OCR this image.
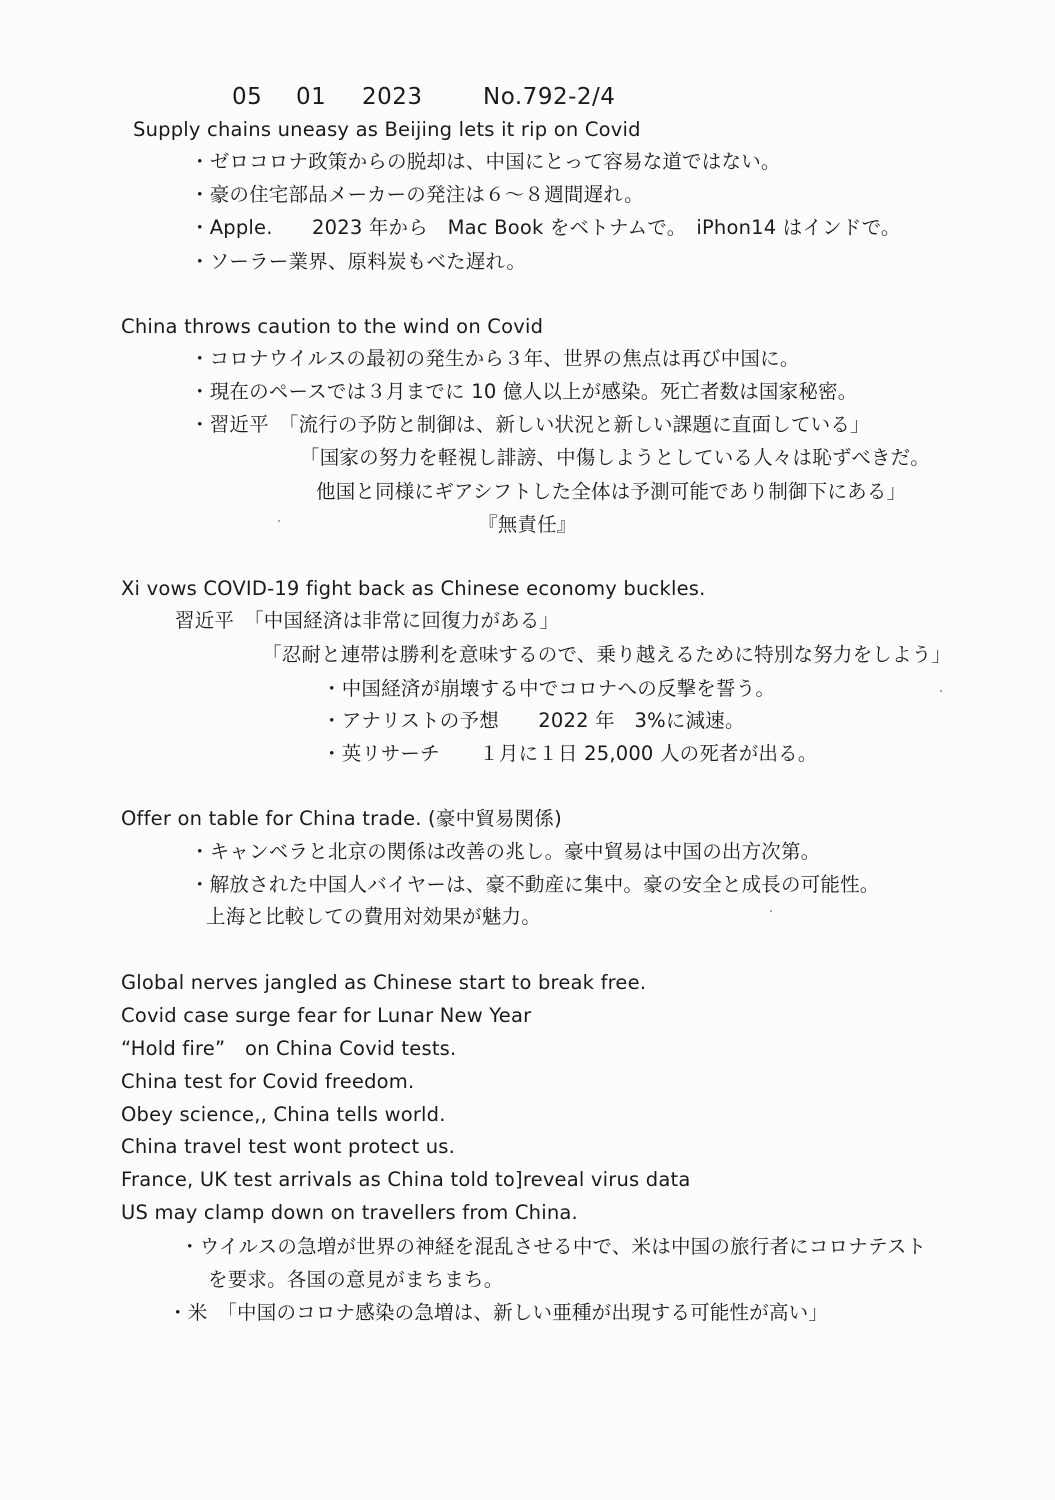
05 01 2023	No.792-2/4
Supply chains uneasy as Beijing lets it rip on Covid
・ゼロコロナ政策からの脱却は、中国にとって容易な道ではない。
・豪の住宅部品メーカーの発注は６～８週間遅れ。
・Apple.　　2023 年から　Mac Book をベトナムで。　iPhon14 はインドで。
・ソーラー業界、原料炭もべた遅れ。
China throws caution to the wind on Covid
・コロナウイルスの最初の発生から３年、世界の焦点は再び中国に。
・現在のペースでは３月までに 10 億人以上が感染。死亡者数は国家秘密。
・習近平　「流行の予防と制御は、新しい状況と新しい課題に直面している」
「国家の努力を軽視し誹謗、中傷しようとしている人々は恥ずべきだ。
他国と同様にギアシフトした全体は予測可能であり制御下にある」
『無責任』
Xi vows COVID-19 fight back as Chinese economy buckles.
習近平　「中国経済は非常に回復力がある」
「忍耐と連帯は勝利を意味するので、乗り越えるために特別な努力をしよう」
・中国経済が崩壊する中でコロナへの反撃を誓う。
・アナリストの予想　　2022 年　3%に減速。
・英リサーチ　　１月に１日 25,000 人の死者が出る。
Offer on table for China trade. (豪中貿易関係)
・キャンベラと北京の関係は改善の兆し。豪中貿易は中国の出方次第。
・解放された中国人バイヤーは、豪不動産に集中。豪の安全と成長の可能性。
上海と比較しての費用対効果が魅力。
Global nerves jangled as Chinese start to break free.
Covid case surge fear for Lunar New Year
“Hold fire”　on China Covid tests.
China test for Covid freedom.
Obey science,, China tells world.
China travel test wont protect us.
France, UK test arrivals as China told to]reveal virus data
US may clamp down on travellers from China.
・ウイルスの急増が世界の神経を混乱させる中で、米は中国の旅行者にコロナテスト
を要求。各国の意見がまちまち。
・米　「中国のコロナ感染の急増は、新しい亜種が出現する可能性が高い」
